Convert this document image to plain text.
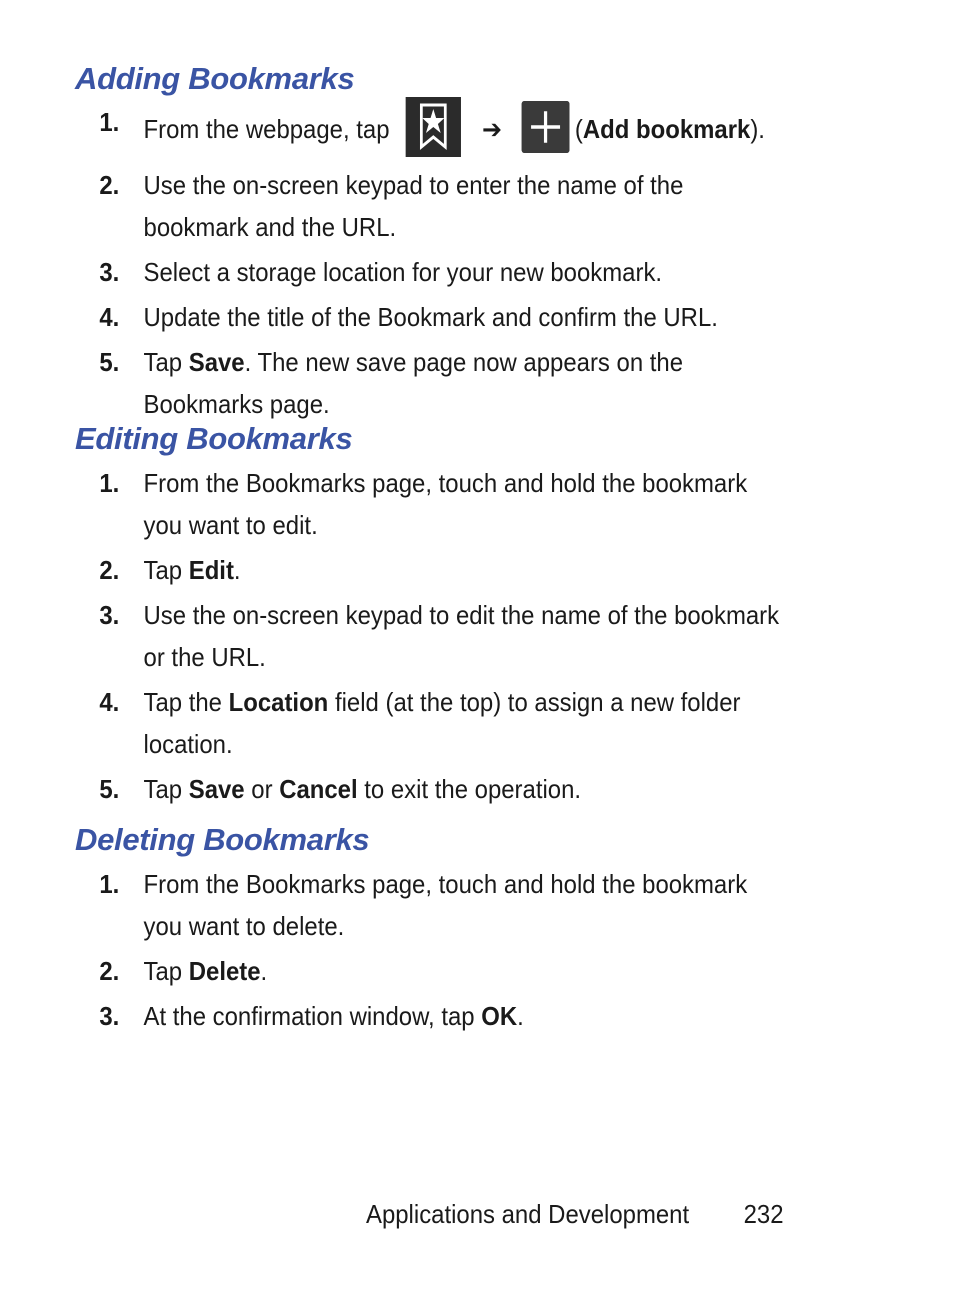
Adding Bookmarks
1. From the webpage, tap	➔	(Add bookmark).
2. Use the on-screen keypad to enter the name of the bookmark and the URL.
3. Select a storage location for your new bookmark.
4. Update the title of the Bookmark and confirm the URL.
5. Tap Save. The new save page now appears on the Bookmarks page.
Editing Bookmarks
1. From the Bookmarks page, touch and hold the bookmark you want to edit.
2. Tap Edit.
3. Use the on-screen keypad to edit the name of the bookmark or the URL.
4. Tap the Location field (at the top) to assign a new folder location.
5. Tap Save or Cancel to exit the operation.
Deleting Bookmarks
1. From the Bookmarks page, touch and hold the bookmark you want to delete.
2. Tap Delete.
3. At the confirmation window, tap OK.
Applications and Development 232
